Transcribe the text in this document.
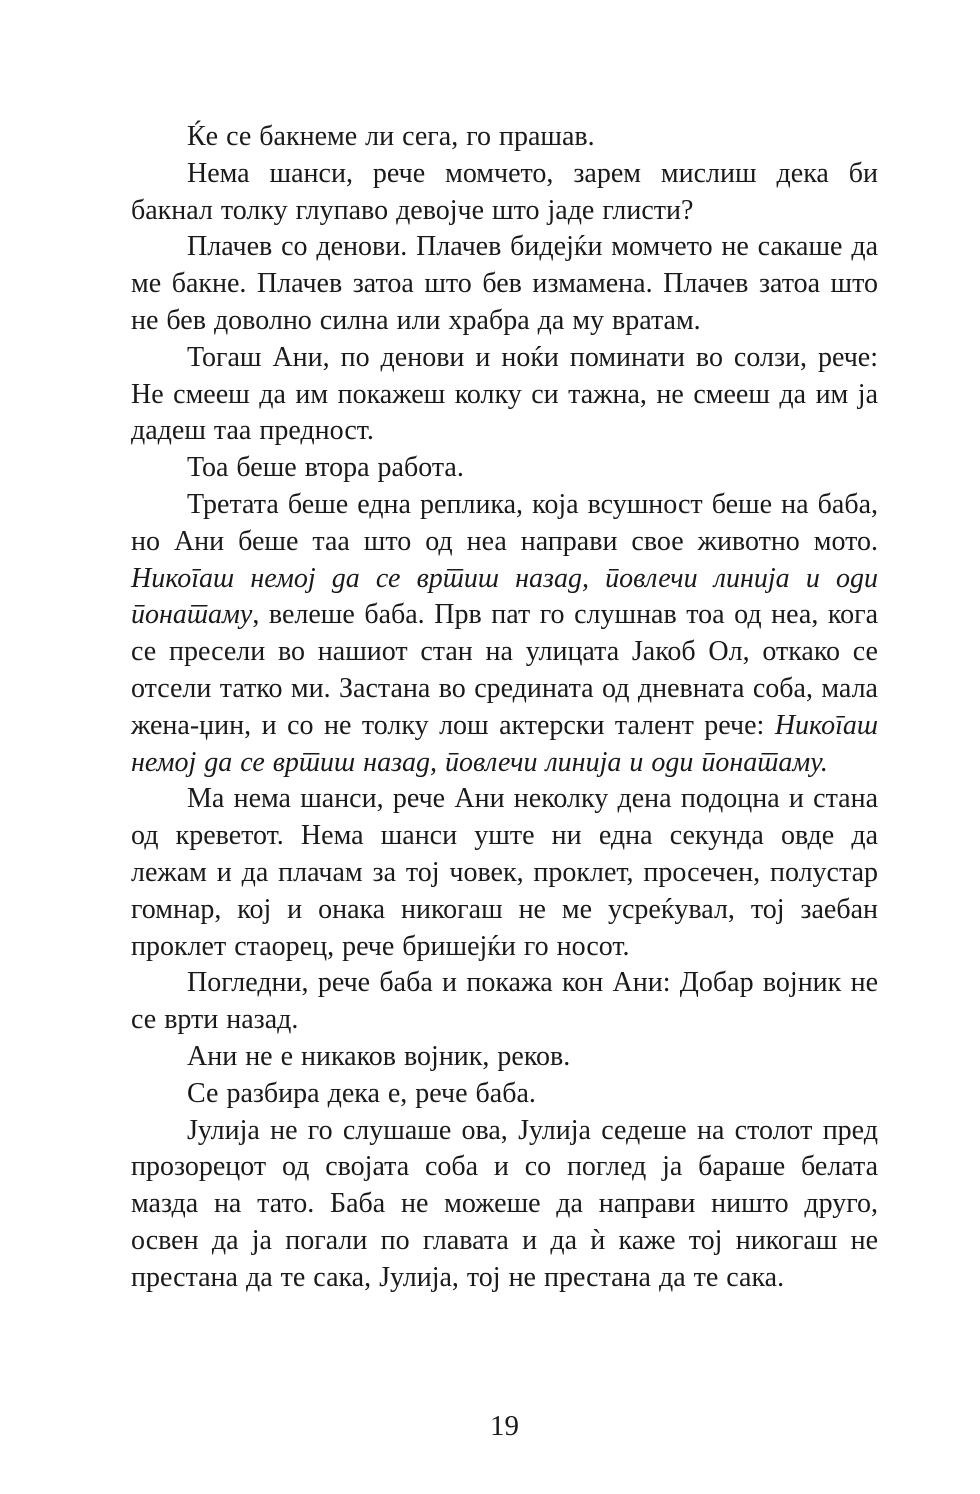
Ќе се бакнеме ли сега, го прашав.

Нема шанси, рече момчето, зарем мислиш дека би бакнал толку глупаво девојче што јаде глисти?

Плачев со денови. Плачев бидејќи момчето не сакаше да ме бакне. Плачев затоа што бев измамена. Плачев затоа што не бев доволно силна или храбра да му вратам.

Тогаш Ани, по денови и ноќи поминати во солзи, рече: Не смееш да им покажеш колку си тажна, не смееш да им ја дадеш таа предност.

Тоа беше втора работа.

Третата беше една реплика, која всушност беше на баба, но Ани беше таа што од неа направи свое животно мото. Никогаш немој да се вртиш назад, повлечи линија и оди понатаму, велеше баба. Прв пат го слушнав тоа од неа, кога се пресели во нашиот стан на улицата Јакоб Ол, откако се отсели татко ми. Застана во средината од дневната соба, мала жена-џин, и со не толку лош актерски талент рече: Никогаш немој да се вртиш назад, повлечи линија и оди понатаму.

Ма нема шанси, рече Ани неколку дена подоцна и стана од креветот. Нема шанси уште ни една секунда овде да лежам и да плачам за тој човек, проклет, просечен, полустар гомнар, кој и онака никогаш не ме усреќувал, тој заебан проклет стаорец, рече бришејќи го носот.

Погледни, рече баба и покажа кон Ани: Добар војник не се врти назад.

Ани не е никаков војник, реков.

Се разбира дека е, рече баба.

Јулија не го слушаше ова, Јулија седеше на столот пред прозорецот од својата соба и со поглед ја бараше белата мазда на тато. Баба не можеше да направи ништо друго, освен да ја погали по главата и да ѝ каже тој никогаш не престана да те сака, Јулија, тој не престана да те сака.

19
